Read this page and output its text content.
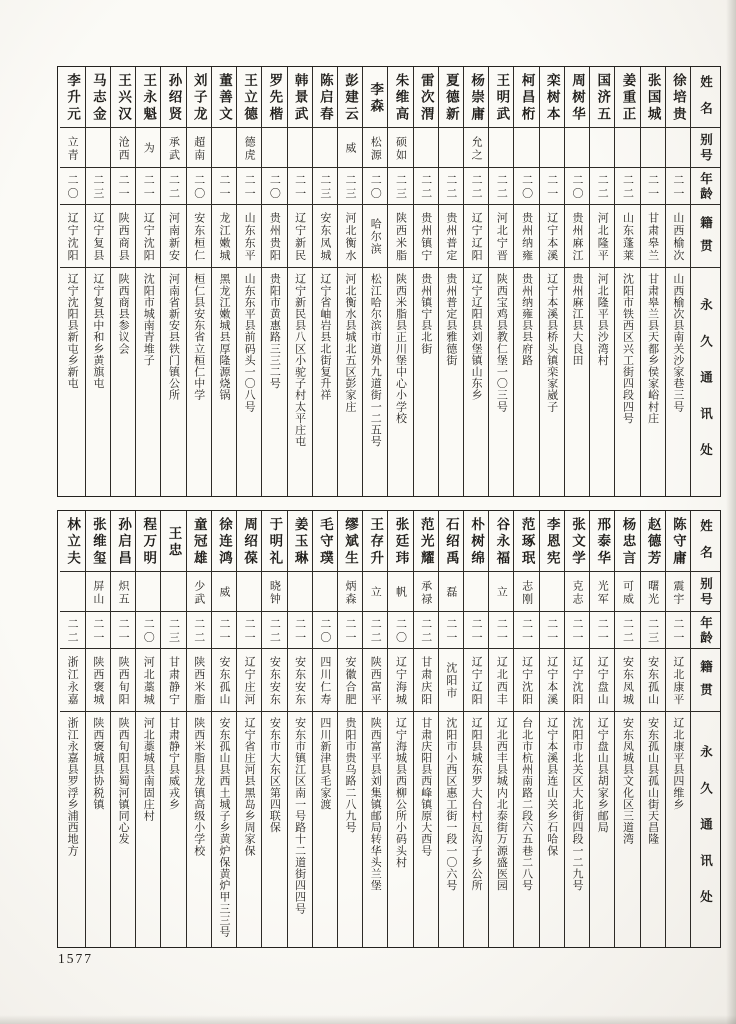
姓名
别号
年龄
籍贯
永久通讯处
徐培贵
二一
山西榆次
山西榆次县南关沙家巷三号
张国城
二一
甘肃皋兰
甘肃皋兰县天都乡侯家峪村庄
姜重正
二二
山东蓬莱
沈阳市铁西区兴工街四段四号
国济五
二二
河北隆平
河北隆平县沙湾村
周树华
二〇
贵州麻江
贵州麻江县大良田
栾树本
二一
辽宁本溪
辽宁本溪县桥头镇栾家崴子
柯昌桁
二〇
贵州纳雍
贵州纳雍县县府路
王明武
二二
河北宁晋
陕西宝鸡县教仁堡一〇三号
杨崇庸
允之
二二
辽宁辽阳
辽宁辽阳县刘堡镇山东乡
夏德新
二二
贵州普定
贵州普定县雅德街
雷次渭
二二
贵州镇宁
贵州镇宁县北街
朱维高
硕如
二三
陕西米脂
陕西米脂县正川堡中心小学校
李森
松源
二〇
哈尔滨
松江哈尔滨市道外九道街一二五号
彭建云
威
二三
河北衡水
河北衡水县城北五区彭家庄
陈启春
二三
安东凤城
辽宁省岫岩县北街复升祥
韩景武
二一
辽宁新民
辽宁新民县八区小驼子村太平庄屯
罗先楷
二〇
贵州贵阳
贵阳市黄惠路三三二号
王立德
德虎
二一
山东东平
山东东平县前码头一〇八号
董善文
二一
龙江嫩城
黑龙江嫩城县厚隆源烧锅
刘子龙
超南
二〇
安东桓仁
桓仁县安东省立桓仁中学
孙绍贤
承武
二二
河南新安
河南省新安县铁门镇公所
王永魁
为
二一
辽宁沈阳
沈阳市城南青堆子
王兴汉
沧西
二一
陕西商县
陕西商县参议会
马志金
二三
辽宁复县
辽宁复县中和乡黄旗屯
李升元
立青
二〇
辽宁沈阳
辽宁沈阳县新屯乡新屯
姓名
别号
年龄
籍贯
永久通讯处
陈守庸
震宇
二一
辽北康平
辽北康平县四维乡
赵德芳
曙光
二三
安东孤山
安东孤山县孤山街天昌隆
杨忠言
可威
二二
安东凤城
安东凤城县文化区三道湾
邢泰华
光军
二一
辽宁盘山
辽宁盘山县胡家乡邮局
张文学
克志
二一
辽宁沈阳
沈阳市北关区大北街四段一二九号
李恩宪
二一
辽宁本溪
辽宁本溪县连山关乡石哈保
范琢珉
志刚
二一
辽宁沈阳
台北市杭州南路二段六五巷二八号
谷永福
立
二一
辽北西丰
辽北西丰县城内北泰街万源盛医园
朴树绵
二一
辽宁辽阳
辽阳县城东罗大台村瓦沟子乡公所
石绍禹
磊
二一
沈阳市
沈阳市小西区惠工街一段一〇六号
范光耀
承禄
二二
甘肃庆阳
甘肃庆阳县西峰镇原大西号
张廷玮
帆
二〇
辽宁海城
辽宁海城县西柳公所小码头村
王存升
立
二二
陕西富平
陕西富平县刘集镇邮局转华头兰堡
缪斌生
炳森
二一
安徽合肥
贵阳市贵乌路二八九号
毛守璞
二〇
四川仁寿
四川新津县毛家渡
姜玉琳
二一
安东安东
安东市镇江区南一号路十二道街四四号
于明礼
晓钟
二二
安东安东
安东市大东区第四联保
周绍葆
二一
辽宁庄河
辽宁省庄河县黑岛乡周家保
徐连鸿
威
二一
安东孤山
安东孤山县西土城子乡黄炉保黄炉甲三三号
童冠雄
少武
二二
陕西米脂
陕西米脂县龙镇高级小学校
王忠
二三
甘肃静宁
甘肃静宁县威戎乡
程万明
二〇
河北藁城
河北藁城县南固庄村
孙启昌
炽五
二一
陕西旬阳
陕西旬阳县蜀河镇同心发
张维玺
屏山
二一
陕西褒城
陕西褒城县协税镇
林立夫
二二
浙江永嘉
浙江永嘉县罗浮乡浦西地方
1577
